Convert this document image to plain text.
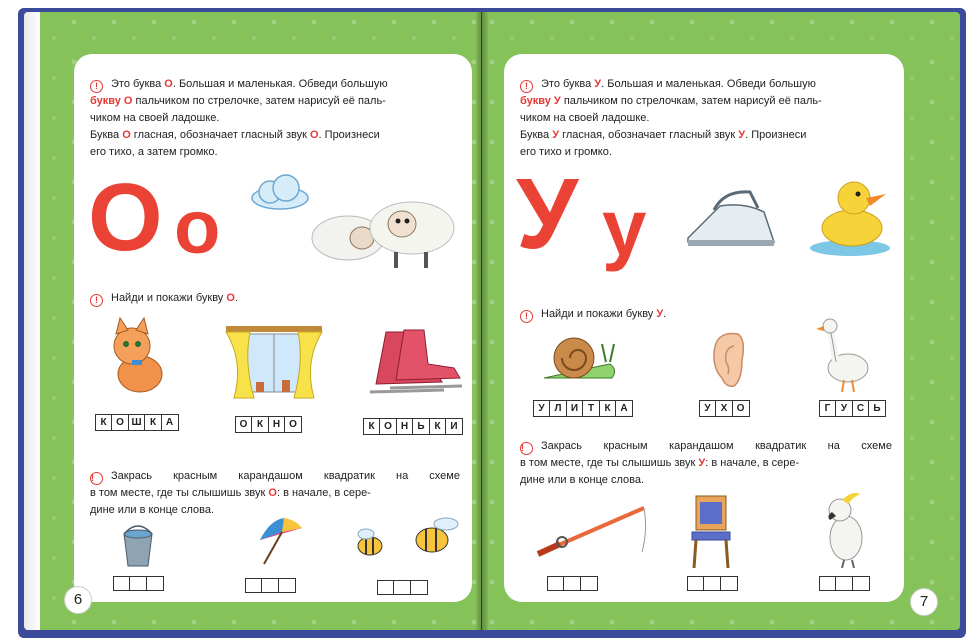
! Это буква О. Большая и маленькая. Обведи большую
букву О пальчиком по стрелочке, затем нарисуй её паль-
чиком на своей ладошке.
Буква О гласная, обозначает гласный звук О. Произнеси
его тихо, а затем громко.
О о
! Найди и покажи букву О.
К О Ш К А	О К Н О	К О Н Ь К И
! Закрась красным карандашом квадратик на схеме
в том месте, где ты слышишь звук О: в начале, в сере-
дине или в конце слова.
6
! Это буква У. Большая и маленькая. Обведи большую
букву У пальчиком по стрелочкам, затем нарисуй её паль-
чиком на своей ладошке.
Буква У гласная, обозначает гласный звук У. Произнеси
его тихо и громко.
У у
! Найди и покажи букву У.
У Л И Т	К А	У	Х О	Г	У С Ь
! Закрась красным карандашом квадратик на схеме
в том месте, где ты слышишь звук У: в начале, в сере-
дине или в конце слова.
7
